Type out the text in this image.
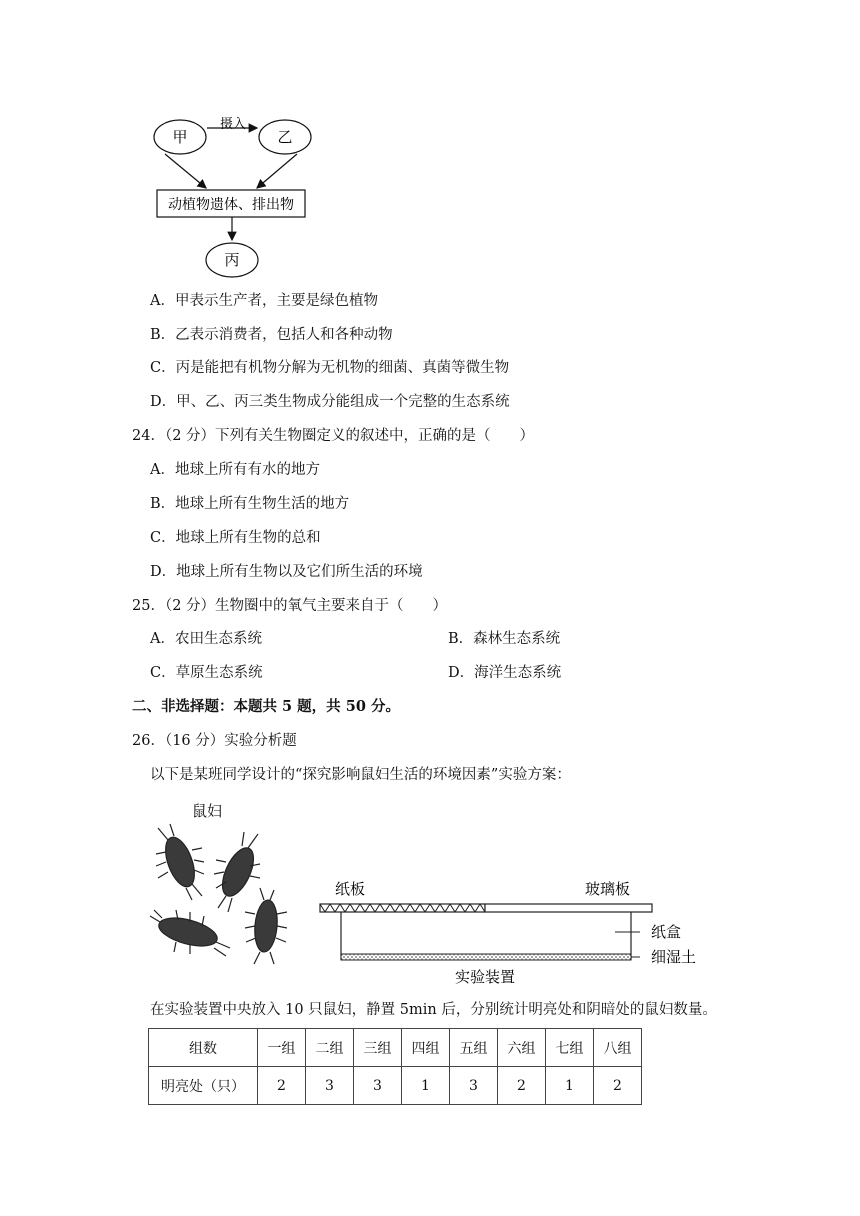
甲	乙
摄入
动植物遗体、排出物
丙
A．甲表示生产者，主要是绿色植物
B．乙表示消费者，包括人和各种动物
C．丙是能把有机物分解为无机物的细菌、真菌等微生物
D．甲、乙、丙三类生物成分能组成一个完整的生态系统
24．（2 分）下列有关生物圈定义的叙述中，正确的是（　　）
A．地球上所有有水的地方
B．地球上所有生物生活的地方
C．地球上所有生物的总和
D．地球上所有生物以及它们所生活的环境
25．（2 分）生物圈中的氧气主要来自于（　　）
A．农田生态系统	B．森林生态系统
C．草原生态系统	D．海洋生态系统
二、非选择题：本题共 5 题，共 50 分。
26．（16 分）实验分析题
以下是某班同学设计的“探究影响鼠妇生活的环境因素”实验方案：
鼠妇
纸板	玻璃板
纸盒
细湿土
实验装置
在实验装置中央放入 10 只鼠妇，静置 5min 后，分别统计明亮处和阴暗处的鼠妇数量。
组数	一组	二组	三组	四组	五组	六组	七组	八组
明亮处（只）	2	3	3	1	3	2	1	2
